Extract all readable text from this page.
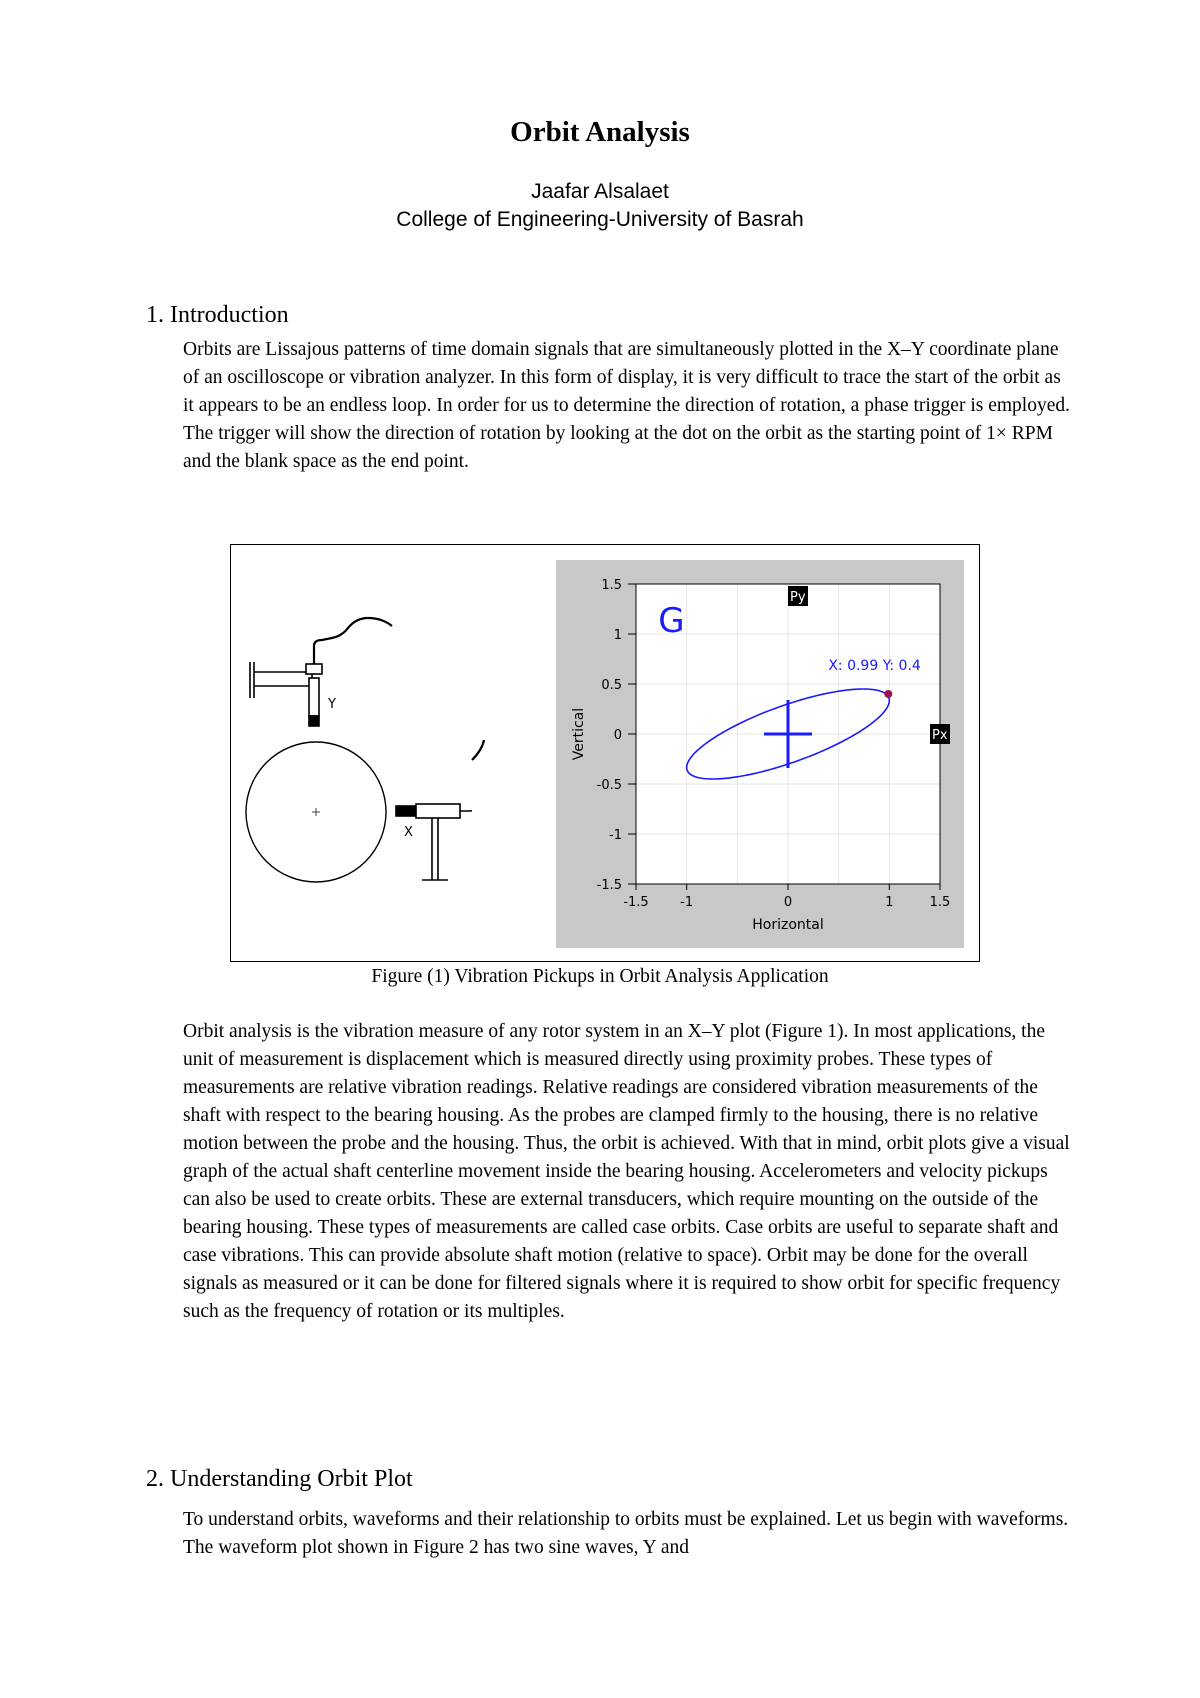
Orbit Analysis
Jaafar Alsalaet
College of Engineering-University of Basrah
1. Introduction

Orbits are Lissajous patterns of time domain signals that are simultaneously plotted in the X–Y coordinate plane of an oscilloscope or vibration analyzer. In this form of display, it is very difficult to trace the start of the orbit as it appears to be an endless loop. In order for us to determine the direction of rotation, a phase trigger is employed. The trigger will show the direction of rotation by looking at the dot on the orbit as the starting point of 1× RPM and the blank space as the end point.

Y
X
-1.5 -1	0	1	1.5
1.5
1
0.5
0
-0.5
-1
-1.5
X: 0.99 Y: 0.4
G
Py
Px
Horizontal
Vertical
Figure (1) Vibration Pickups in Orbit Analysis Application

Orbit analysis is the vibration measure of any rotor system in an X–Y plot (Figure 1). In most applications, the unit of measurement is displacement which is measured directly using proximity probes. These types of measurements are relative vibration readings. Relative readings are considered vibration measurements of the shaft with respect to the bearing housing. As the probes are clamped firmly to the housing, there is no relative motion between the probe and the housing. Thus, the orbit is achieved. With that in mind, orbit plots give a visual graph of the actual shaft centerline movement inside the bearing housing. Accelerometers and velocity pickups can also be used to create orbits. These are external transducers, which require mounting on the outside of the bearing housing. These types of measurements are called case orbits. Case orbits are useful to separate shaft and case vibrations. This can provide absolute shaft motion (relative to space). Orbit may be done for the overall signals as measured or it can be done for filtered signals where it is required to show orbit for specific frequency such as the frequency of rotation or its multiples.

2. Understanding Orbit Plot

To understand orbits, waveforms and their relationship to orbits must be explained. Let us begin with waveforms. The waveform plot shown in Figure 2 has two sine waves, Y and
